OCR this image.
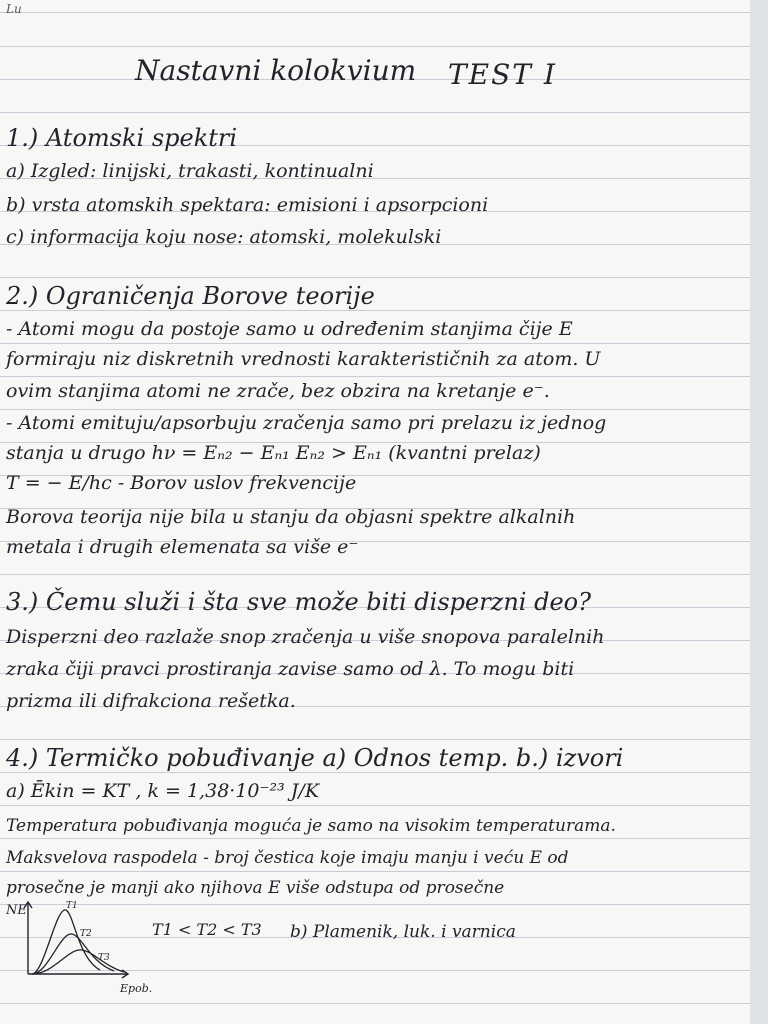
Lu
Nastavni kolokvium TEST I
1.) Atomski spektri
a) Izgled: linijski, trakasti, kontinualni
b) vrsta atomskih spektara: emisioni i apsorpcioni
c) informacija koju nose: atomski, molekulski
2.) Ograničenja Borove teorije
- Atomi mogu da postoje samo u određenim stanjima čije E
formiraju niz diskretnih vrednosti karakterističnih za atom. U
ovim stanjima atomi ne zrače, bez obzira na kretanje e⁻.
- Atomi emituju/apsorbuju zračenja samo pri prelazu iz jednog
stanja u drugo hν = Eₙ₂ − Eₙ₁ Eₙ₂ > Eₙ₁ (kvantni prelaz)
T = − E/hc - Borov uslov frekvencije
Borova teorija nije bila u stanju da objasni spektre alkalnih
metala i drugih elemenata sa više e⁻
3.) Čemu služi i šta sve može biti disperzni deo?
Disperzni deo razlaže snop zračenja u više snopova paralelnih
zraka čiji pravci prostiranja zavise samo od λ. To mogu biti
prizma ili difrakciona rešetka.
4.) Termičko pobuđivanje a) Odnos temp. b.) izvori
a) Ēkin = KT , k = 1,38·10⁻²³ J/K
Temperatura pobuđivanja moguća je samo na visokim temperaturama.
Maksvelova raspodela - broj čestica koje imaju manju i veću E od
prosečne je manji ako njihova E više odstupa od prosečne
NE
Epob.
T1
T2
T3
T1 < T2 < T3 b) Plamenik, luk. i varnica
